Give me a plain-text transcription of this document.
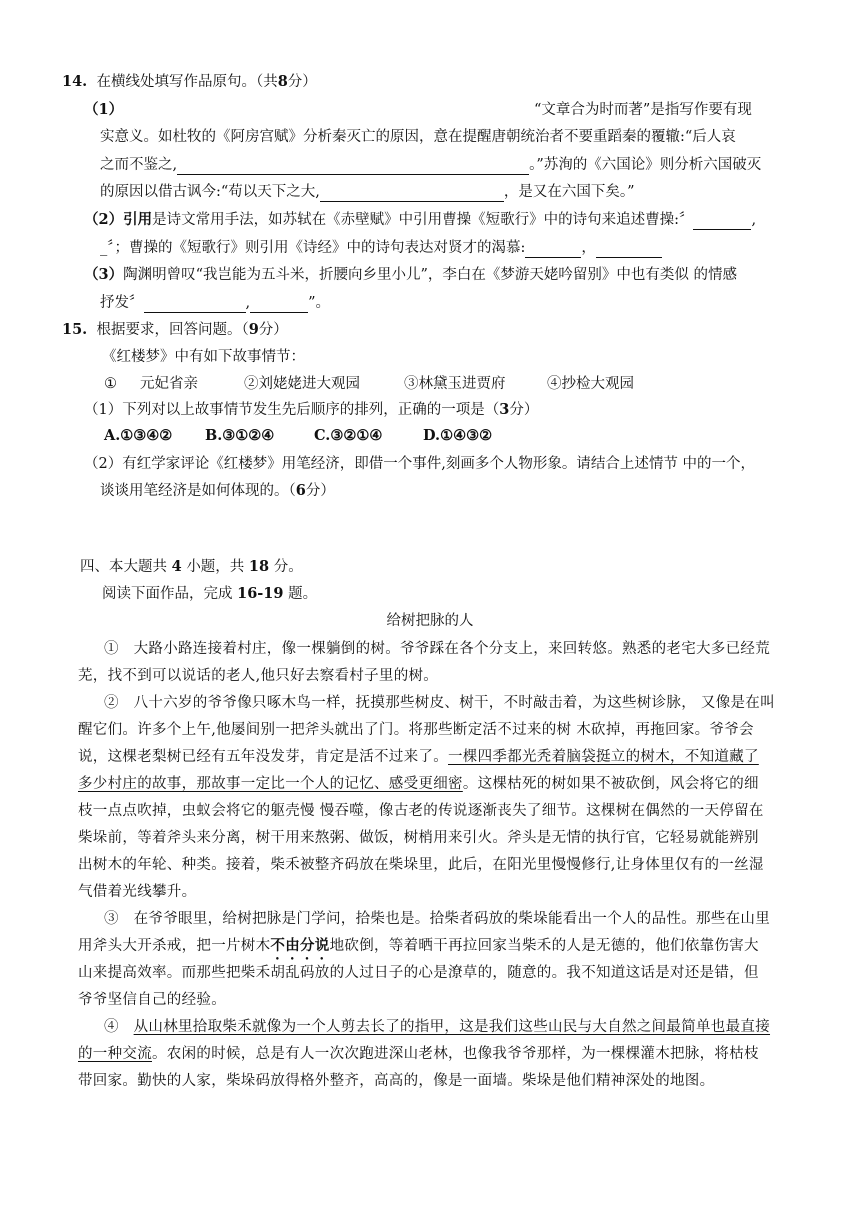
14. 在横线处填写作品原句。（共8分）
（1）	“文章合为时而著”是指写作要有现
实意义。如杜牧的《阿房宫赋》分析秦灭亡的原因，意在提醒唐朝统治者不要重蹈秦的覆辙:“后人哀
之而不鉴之,	。”苏洵的《六国论》则分析六国破灭
的原因以借古讽今:“苟以天下之大,	，是又在六国下矣。”
（2）引用是诗文常用手法，如苏轼在《赤壁赋》中引用曹操《短歌行》中的诗句来追述曹操:〞	,
_〞；曹操的《短歌行》则引用《诗经》中的诗句表达对贤才的渴慕:	，
（3）陶渊明曾叹“我岂能为五斗米，折腰向乡里小儿”，李白在《梦游天姥吟留别》中也有类似 的情感
抒发〞	,	”。
15. 根据要求，回答问题。（9分）
《红楼梦》中有如下故事情节：
① 元妃省亲	②刘姥姥进大观园	③林黛玉进贾府	④抄检大观园
（1）下列对以上故事情节发生先后顺序的排列，正确的一项是（3分）
A.①③④② B.③①②④	C.③②①④	D.①④③②
（2）有红学家评论《红楼梦》用笔经济，即借一个事件,刻画多个人物形象。请结合上述情节 中的一个，
谈谈用笔经济是如何体现的。（6分）
四、本大题共 4 小题，共 18 分。
阅读下面作品，完成 16-19 题。
给树把脉的人
①　大路小路连接着村庄，像一棵躺倒的树。爷爷踩在各个分支上，来回转悠。熟悉的老宅大多已经荒
芜，找不到可以说话的老人,他只好去察看村子里的树。
②　八十六岁的爷爷像只啄木鸟一样，抚摸那些树皮、树干，不时敲击着，为这些树诊脉， 又像是在叫
醒它们。许多个上午,他屡间别一把斧头就出了门。将那些断定活不过来的树 木砍掉，再拖回家。爷爷会
说，这棵老梨树已经有五年没发芽，肯定是活不过来了。一棵四季都光秃着脑袋挺立的树木，不知道藏了
多少村庄的故事，那故事一定比一个人的记忆、感受更细密。这棵枯死的树如果不被砍倒，风会将它的细
枝一点点吹掉，虫蚁会将它的躯壳慢 慢吞噬，像古老的传说逐渐丧失了细节。这棵树在偶然的一天停留在
柴垛前，等着斧头来分离，树干用来熬粥、做饭，树梢用来引火。斧头是无情的执行官，它轻易就能辨别
出树木的年轮、种类。接着，柴禾被整齐码放在柴垛里，此后，在阳光里慢慢修行,让身体里仅有的一丝湿
气借着光线攀升。
③　在爷爷眼里，给树把脉是门学问，拾柴也是。拾柴者码放的柴垛能看出一个人的品性。那些在山里
用斧头大开杀戒，把一片树木不由分说地砍倒，等着晒干再拉回家当柴禾的人是无德的，他们依靠伤害大
山来提高效率。而那些把柴禾胡乱码放的人过日子的心是潦草的，随意的。我不知道这话是对还是错，但
爷爷坚信自己的经验。
④　从山林里拾取柴禾就像为一个人剪去长了的指甲，这是我们这些山民与大自然之间最简单也最直接
的一种交流。农闲的时候，总是有人一次次跑进深山老林，也像我爷爷那样，为一棵棵灌木把脉，将枯枝
带回家。勤快的人家，柴垛码放得格外整齐，高高的，像是一面墙。柴垛是他们精神深处的地图。
